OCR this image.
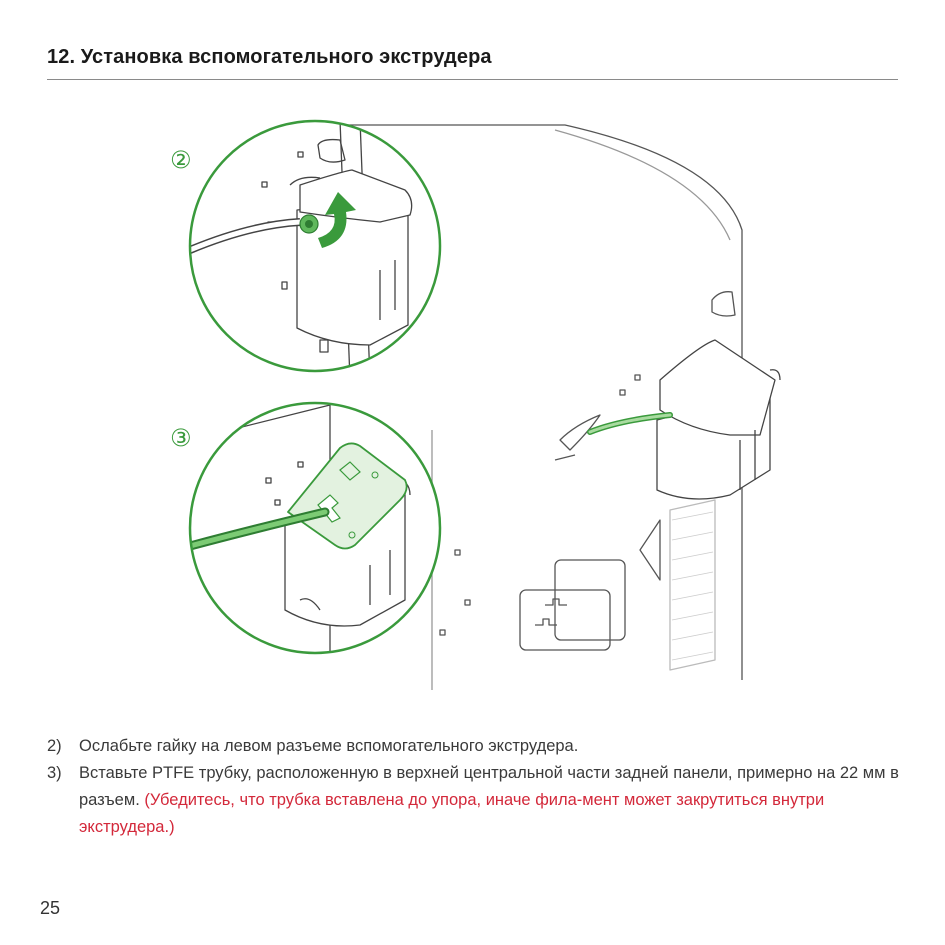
12. Установка вспомогательного экструдера
②
③
2)	Ослабьте гайку на левом разъеме вспомогательного экструдера.
3)	Вставьте PTFE трубку, расположенную в верхней центральной части задней панели, примерно на 22 мм в разъем. (Убедитесь, что трубка вставлена до упора, иначе фила-мент может закрутиться внутри экструдера.)
25
